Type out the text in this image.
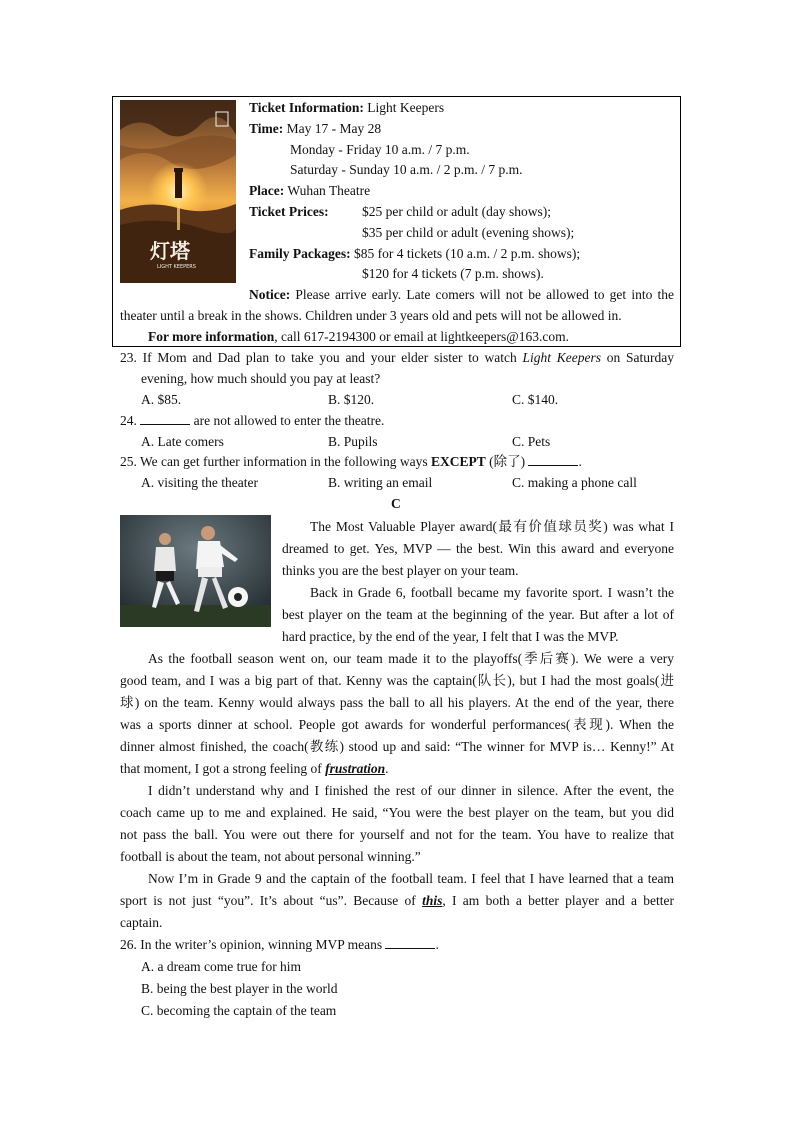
灯塔
LIGHT KEEPERS
Ticket Information: Light Keepers
Time: May 17 - May 28
Monday - Friday 10 a.m. / 7 p.m.
Saturday - Sunday 10 a.m. / 2 p.m. / 7 p.m.
Place: Wuhan Theatre
Ticket Prices: $25 per child or adult (day shows);
$35 per child or adult (evening shows);
Family Packages: $85 for 4 tickets (10 a.m. / 2 p.m. shows);
$120 for 4 tickets (7 p.m. shows).
Notice: Please arrive early. Late comers will not be allowed to get into the
theater until a break in the shows. Children under 3 years old and pets will not be allowed in.
For more information, call 617-2194300 or email at lightkeepers@163.com.
23. If Mom and Dad plan to take you and your elder sister to watch Light Keepers on Saturday
evening, how much should you pay at least?
A. $85.	B. $120.	C. $140.
24.	are not allowed to enter the theatre.
A. Late comers	B. Pupils	C. Pets
25. We can get further information in the following ways EXCEPT (除了)	.
A. visiting the theater	B. writing an email	C. making a phone call
C
The Most Valuable Player award(最有价值球员奖) was what I
dreamed to get. Yes, MVP — the best. Win this award and everyone
thinks you are the best player on your team.
Back in Grade 6, football became my favorite sport. I wasn’t the
best player on the team at the beginning of the year. But after a lot of
hard practice, by the end of the year, I felt that I was the MVP.
As the football season went on, our team made it to the playoffs(季后赛). We were a very
good team, and I was a big part of that. Kenny was the captain(队长), but I had the most goals(进
球) on the team. Kenny would always pass the ball to all his players. At the end of the year, there
was a sports dinner at school. People got awards for wonderful performances(表现). When the
dinner almost finished, the coach(教练) stood up and said: “The winner for MVP is… Kenny!” At
that moment, I got a strong feeling of frustration.
I didn’t understand why and I finished the rest of our dinner in silence. After the event, the
coach came up to me and explained. He said, “You were the best player on the team, but you did
not pass the ball. You were out there for yourself and not for the team. You have to realize that
football is about the team, not about personal winning.”
Now I’m in Grade 9 and the captain of the football team. I feel that I have learned that a team
sport is not just “you”. It’s about “us”. Because of this, I am both a better player and a better
captain.
26. In the writer’s opinion, winning MVP means	.
A. a dream come true for him
B. being the best player in the world
C. becoming the captain of the team
